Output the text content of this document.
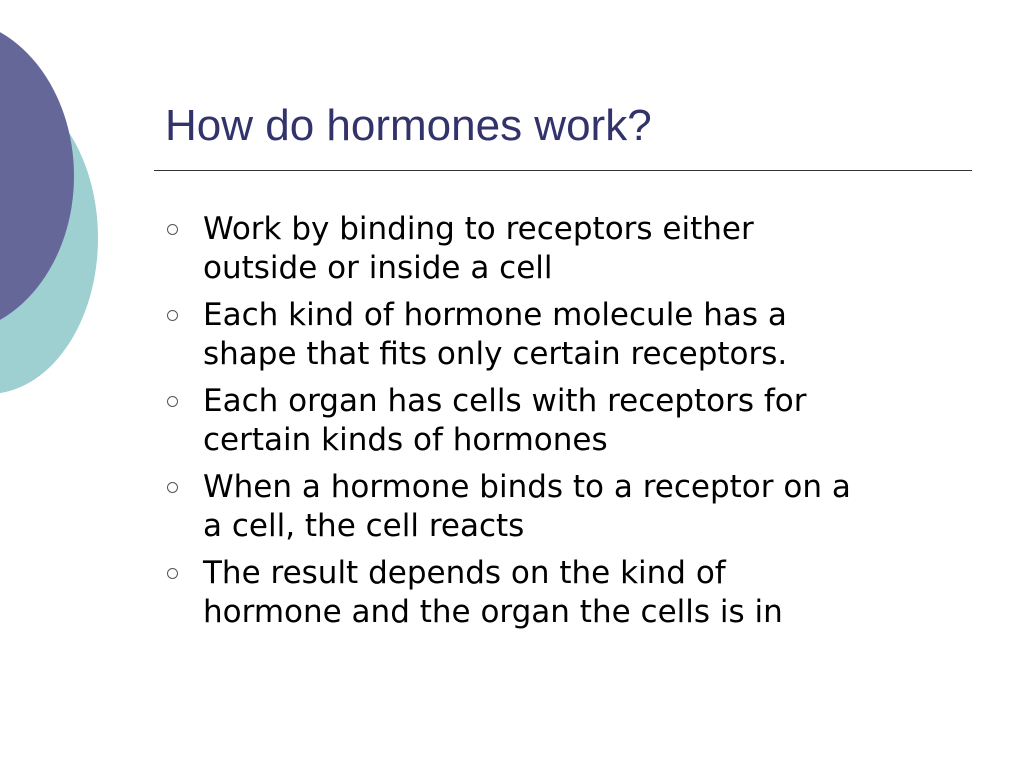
How do hormones work?
Work by binding to receptors either
outside or inside a cell
Each kind of hormone molecule has a
shape that fits only certain receptors.
Each organ has cells with receptors for
certain kinds of hormones
When a hormone binds to a receptor on a
a cell, the cell reacts
The result depends on the kind of
hormone and the organ the cells is in
